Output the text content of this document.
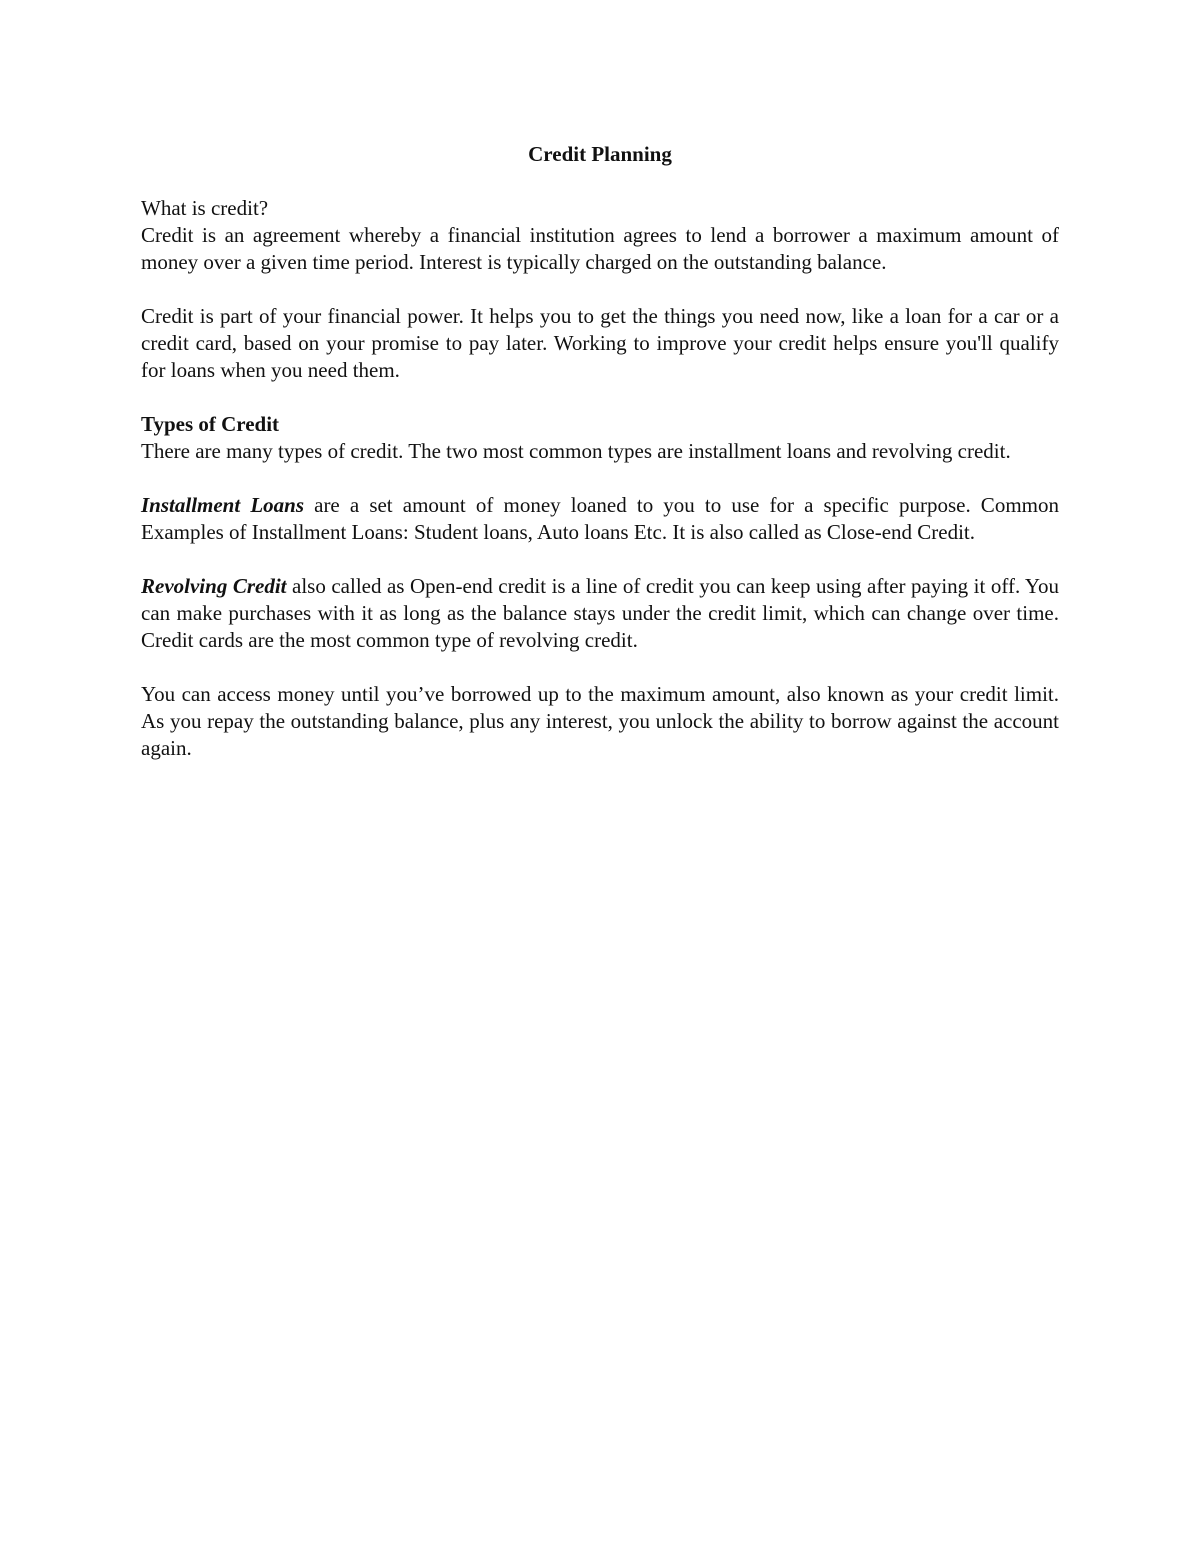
Credit Planning
What is credit?
Credit is an agreement whereby a financial institution agrees to lend a borrower a maximum amount of money over a given time period. Interest is typically charged on the outstanding balance.
Credit is part of your financial power. It helps you to get the things you need now, like a loan for a car or a credit card, based on your promise to pay later. Working to improve your credit helps ensure you'll qualify for loans when you need them.
Types of Credit
There are many types of credit. The two most common types are installment loans and revolving credit.
Installment Loans are a set amount of money loaned to you to use for a specific purpose. Common Examples of Installment Loans: Student loans, Auto loans Etc. It is also called as Close-end Credit.
Revolving Credit also called as Open-end credit is a line of credit you can keep using after paying it off. You can make purchases with it as long as the balance stays under the credit limit, which can change over time. Credit cards are the most common type of revolving credit.
You can access money until you’ve borrowed up to the maximum amount, also known as your credit limit. As you repay the outstanding balance, plus any interest, you unlock the ability to borrow against the account again.
